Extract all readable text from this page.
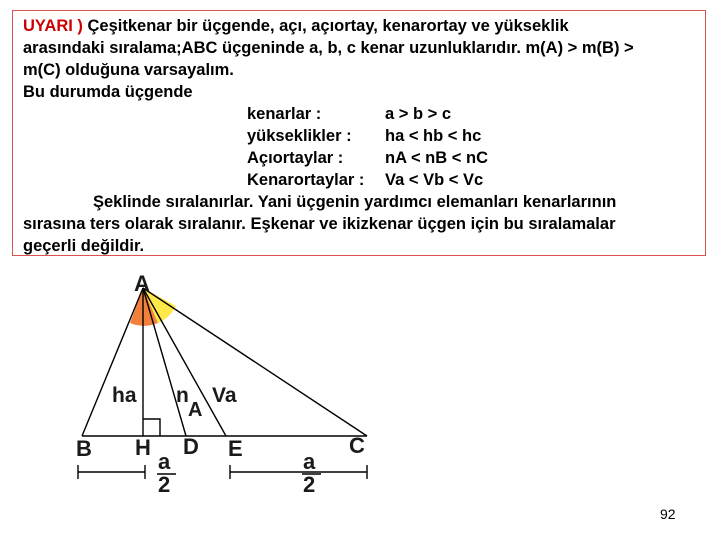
UYARI ) Çeşitkenar bir üçgende, açı, açıortay, kenarortay ve yükseklik

arasındaki sıralama;ABC üçgeninde a, b, c kenar uzunluklarıdır. m(A) > m(B) >

m(C) olduğuna varsayalım.

Bu durumda üçgende

kenarlar :	a > b > c

yükseklikler : ha < hb < hc

Açıortaylar :	nA < nB < nC

Kenarortaylar : Va < Vb < Vc

Şeklinde sıralanırlar. Yani üçgenin yardımcı elemanları kenarlarının

sırasına ters olarak sıralanır. Eşkenar ve ikizkenar üçgen için bu sıralamalar

geçerli değildir.

A
B	C
H D E
ha n
A
Va
a
2
a
2
92
